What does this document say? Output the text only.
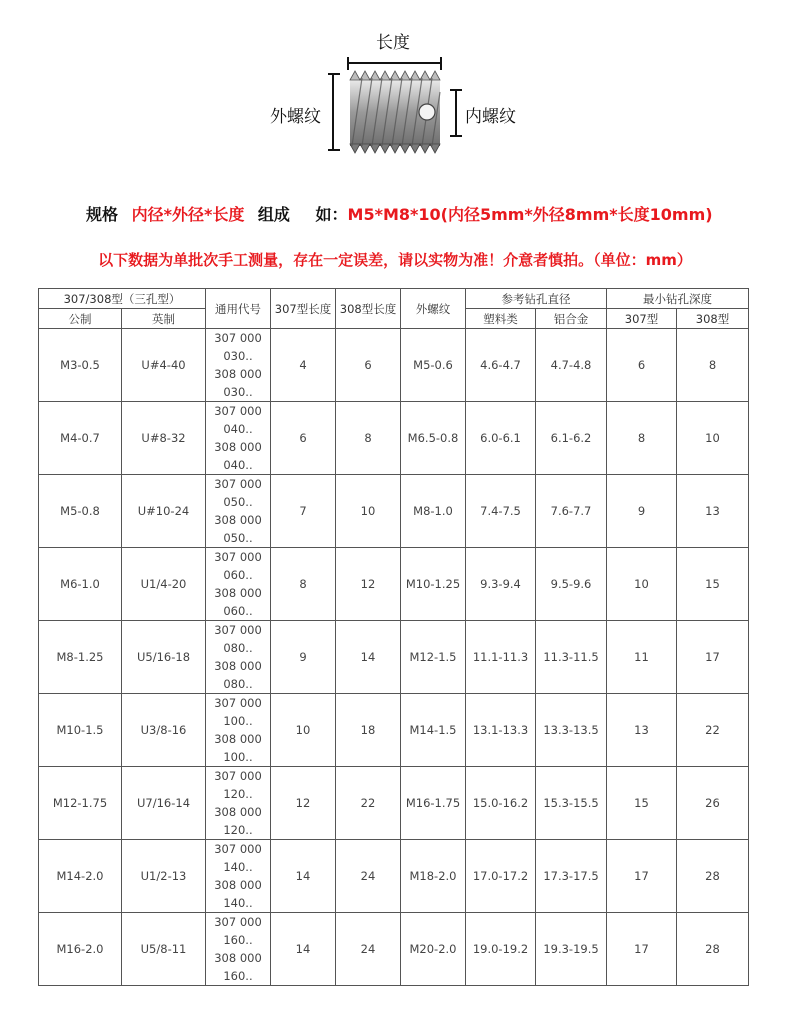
长度
外螺纹	内螺纹
规格 内径*外径*长度 组成 如：M5*M8*10(内径5mm*外径8mm*长度10mm)
以下数据为单批次手工测量，存在一定误差，请以实物为准！介意者慎拍。（单位：mm）
307/308型（三孔型）		通用代号	307型长度	308型长度	外螺纹	参考钻孔直径		最小钻孔深度	
公制	英制					塑料类	铝合金	307型	308型
M3-0.5	U#4-40	307 000
030..
308 000
030..	4	6	M5-0.6	4.6-4.7	4.7-4.8	6	8
M4-0.7	U#8-32	307 000
040..
308 000
040..	6	8	M6.5-0.8	6.0-6.1	6.1-6.2	8	10
M5-0.8	U#10-24	307 000
050..
308 000
050..	7	10	M8-1.0	7.4-7.5	7.6-7.7	9	13
M6-1.0	U1/4-20	307 000
060..
308 000
060..	8	12	M10-1.25	9.3-9.4	9.5-9.6	10	15
M8-1.25	U5/16-18	307 000
080..
308 000
080..	9	14	M12-1.5	11.1-11.3	11.3-11.5	11	17
M10-1.5	U3/8-16	307 000
100..
308 000
100..	10	18	M14-1.5	13.1-13.3	13.3-13.5	13	22
M12-1.75	U7/16-14	307 000
120..
308 000
120..	12	22	M16-1.75	15.0-16.2	15.3-15.5	15	26
M14-2.0	U1/2-13	307 000
140..
308 000
140..	14	24	M18-2.0	17.0-17.2	17.3-17.5	17	28
M16-2.0	U5/8-11	307 000
160..
308 000
160..	14	24	M20-2.0	19.0-19.2	19.3-19.5	17	28
